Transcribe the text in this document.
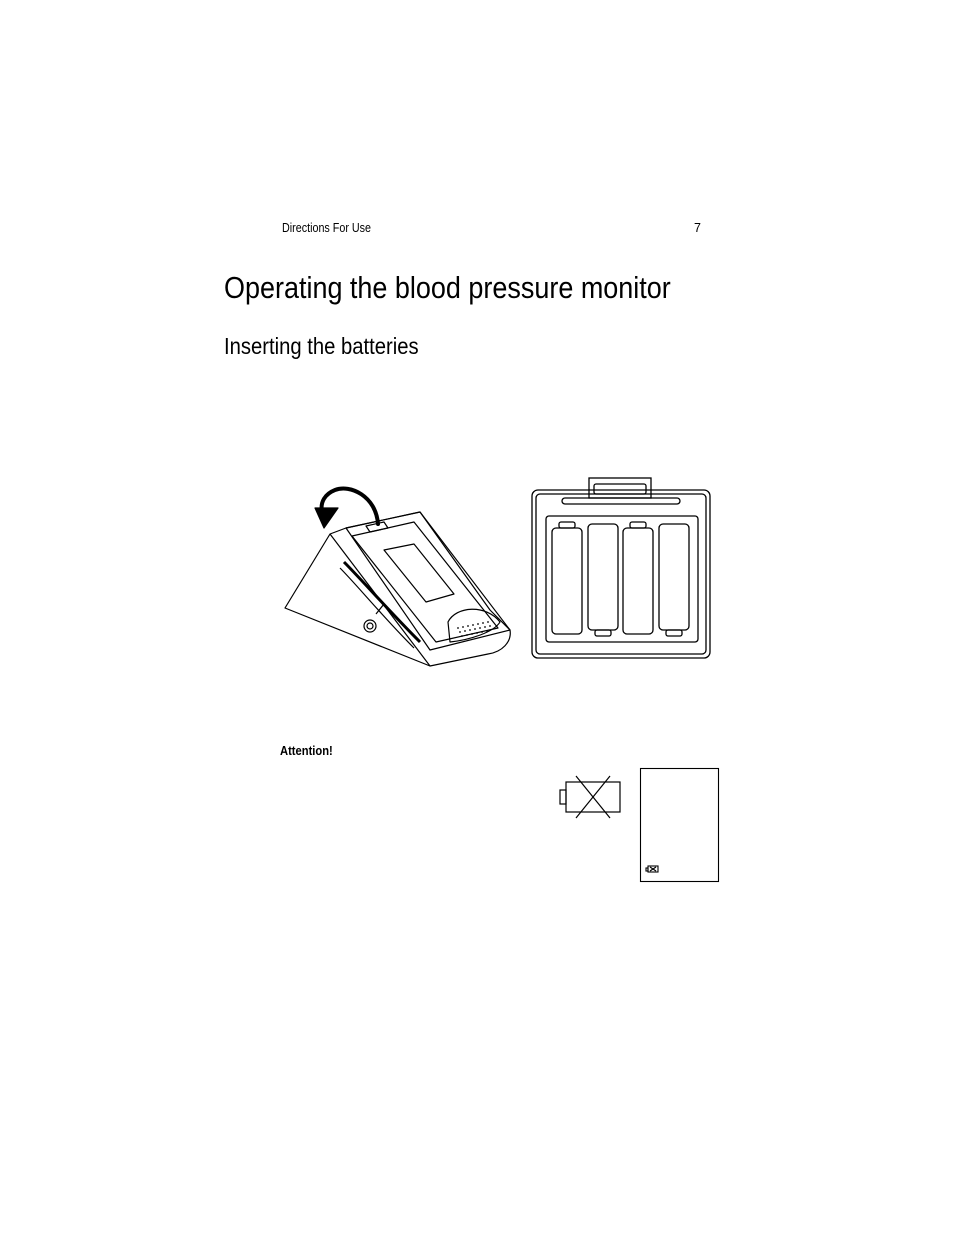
Directions For Use	7
Operating the blood pressure monitor
Inserting the batteries
Attention!
